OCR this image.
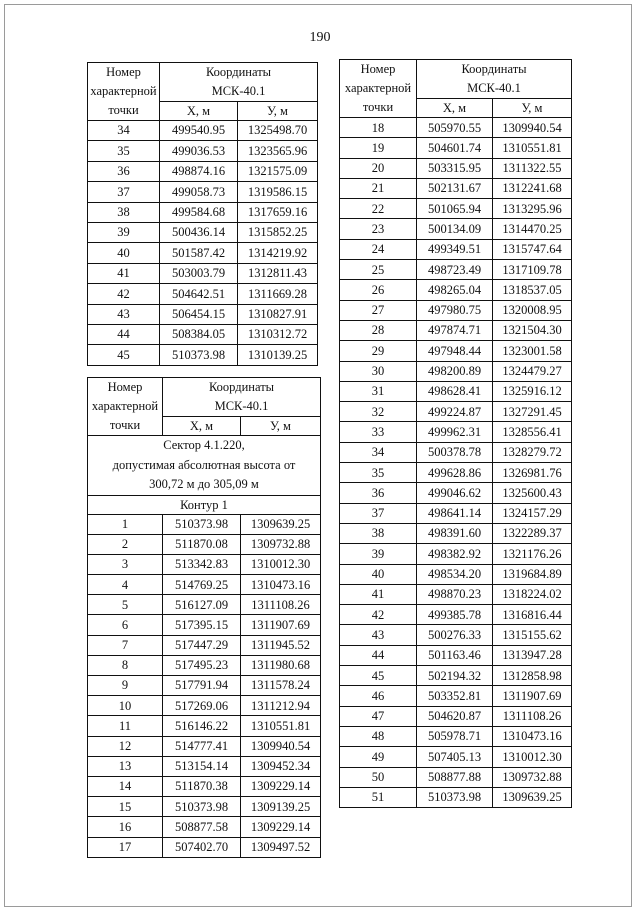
190
Номер
характерной
точки	Координаты
МСК-40.1	

	X, м	У, м
34	499540.95	1325498.70
35	499036.53	1323565.96
36	498874.16	1321575.09
37	499058.73	1319586.15
38	499584.68	1317659.16
39	500436.14	1315852.25
40	501587.42	1314219.92
41	503003.79	1312811.43
42	504642.51	1311669.28
43	506454.15	1310827.91
44	508384.05	1310312.72
45	510373.98	1310139.25
Номер
характерной
точки	Координаты
МСК-40.1	

	X, м	У, м

Сектор 4.1.220,
допустимая абсолютная высота от
300,72 м до 305,09 м		

Контур 1		
1	510373.98	1309639.25
2	511870.08	1309732.88
3	513342.83	1310012.30
4	514769.25	1310473.16
5	516127.09	1311108.26
6	517395.15	1311907.69
7	517447.29	1311945.52
8	517495.23	1311980.68
9	517791.94	1311578.24
10	517269.06	1311212.94
11	516146.22	1310551.81
12	514777.41	1309940.54
13	513154.14	1309452.34
14	511870.38	1309229.14
15	510373.98	1309139.25
16	508877.58	1309229.14
17	507402.70	1309497.52
Номер
характерной
точки	Координаты
МСК-40.1	

	X, м	У, м
18	505970.55	1309940.54
19	504601.74	1310551.81
20	503315.95	1311322.55
21	502131.67	1312241.68
22	501065.94	1313295.96
23	500134.09	1314470.25
24	499349.51	1315747.64
25	498723.49	1317109.78
26	498265.04	1318537.05
27	497980.75	1320008.95
28	497874.71	1321504.30
29	497948.44	1323001.58
30	498200.89	1324479.27
31	498628.41	1325916.12
32	499224.87	1327291.45
33	499962.31	1328556.41
34	500378.78	1328279.72
35	499628.86	1326981.76
36	499046.62	1325600.43
37	498641.14	1324157.29
38	498391.60	1322289.37
39	498382.92	1321176.26
40	498534.20	1319684.89
41	498870.23	1318224.02
42	499385.78	1316816.44
43	500276.33	1315155.62
44	501163.46	1313947.28
45	502194.32	1312858.98
46	503352.81	1311907.69
47	504620.87	1311108.26
48	505978.71	1310473.16
49	507405.13	1310012.30
50	508877.88	1309732.88
51	510373.98	1309639.25
